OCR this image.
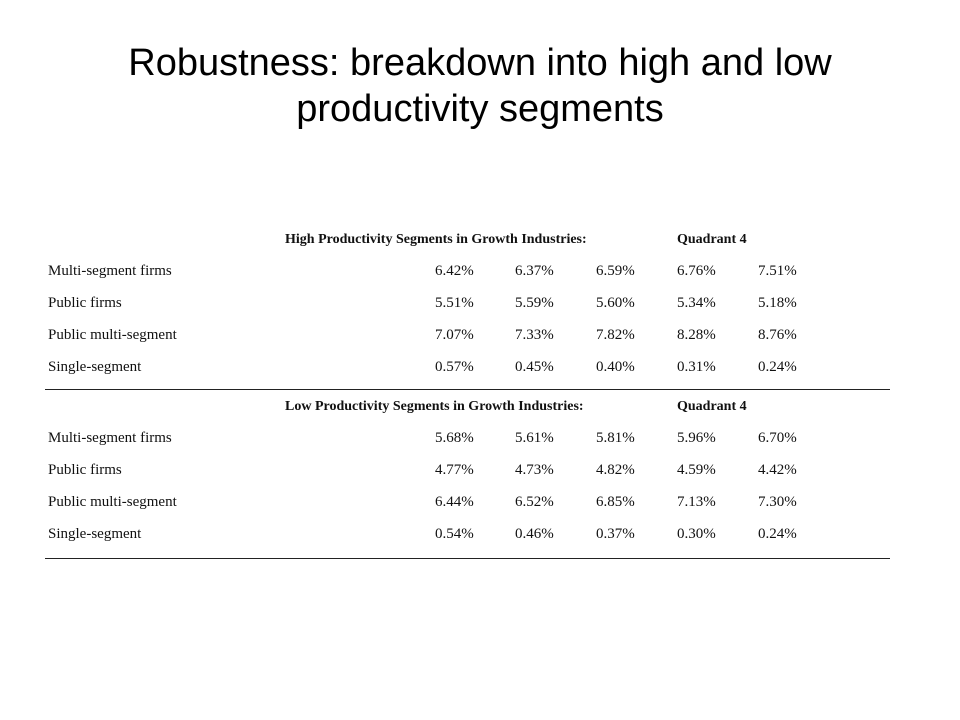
Robustness: breakdown into high and low productivity segments
High Productivity Segments in Growth Industries:	Quadrant 4
Multi-segment firms	6.42%	6.37%	6.59%	6.76%	7.51%
Public firms	5.51%	5.59%	5.60%	5.34%	5.18%
Public multi-segment	7.07%	7.33%	7.82%	8.28%	8.76%
Single-segment	0.57%	0.45%	0.40%	0.31%	0.24%
Low Productivity Segments in Growth Industries:	Quadrant 4
Multi-segment firms	5.68%	5.61%	5.81%	5.96%	6.70%
Public firms	4.77%	4.73%	4.82%	4.59%	4.42%
Public multi-segment	6.44%	6.52%	6.85%	7.13%	7.30%
Single-segment	0.54%	0.46%	0.37%	0.30%	0.24%
